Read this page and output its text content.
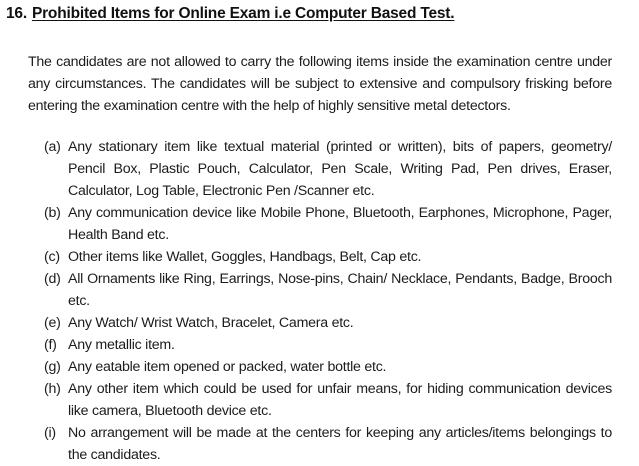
16. Prohibited Items for Online Exam i.e Computer Based Test.

The candidates are not allowed to carry the following items inside the examination centre under any circumstances. The candidates will be subject to extensive and compulsory frisking before entering the examination centre with the help of highly sensitive metal detectors.

(a) Any stationary item like textual material (printed or written), bits of papers, geometry/ Pencil Box, Plastic Pouch, Calculator, Pen Scale, Writing Pad, Pen drives, Eraser, Calculator, Log Table, Electronic Pen /Scanner etc.
(b) Any communication device like Mobile Phone, Bluetooth, Earphones, Microphone, Pager, Health Band etc.
(c) Other items like Wallet, Goggles, Handbags, Belt, Cap etc.
(d) All Ornaments like Ring, Earrings, Nose-pins, Chain/ Necklace, Pendants, Badge, Brooch etc.
(e) Any Watch/ Wrist Watch, Bracelet, Camera etc.
(f) Any metallic item.
(g) Any eatable item opened or packed, water bottle etc.
(h) Any other item which could be used for unfair means, for hiding communication devices like camera, Bluetooth device etc.
(i) No arrangement will be made at the centers for keeping any articles/items belongings to the candidates.
